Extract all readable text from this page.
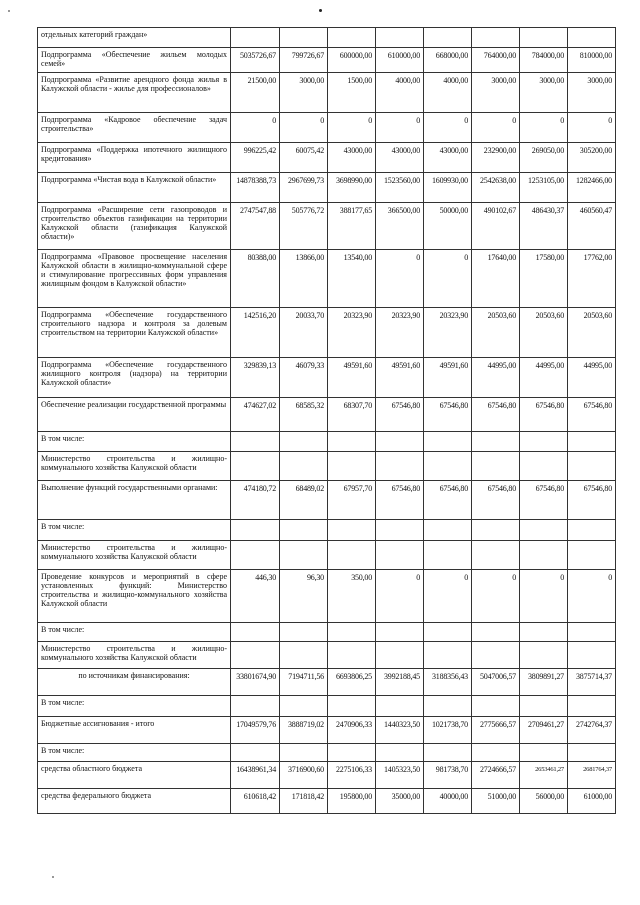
отдельных категорий граждан»								
Подпрограмма «Обеспечение жильем молодых семей»	5035726,67	799726,67	600000,00	610000,00	668000,00	764000,00	784000,00	810000,00
Подпрограмма «Развитие арендного фонда жилья в Калужской области - жилье для профессионалов»	21500,00	3000,00	1500,00	4000,00	4000,00	3000,00	3000,00	3000,00
Подпрограмма «Кадровое обеспечение задач строительства»	0	0	0	0	0	0	0	0
Подпрограмма «Поддержка ипотечного жилищного кредитования»	996225,42	60075,42	43000,00	43000,00	43000,00	232900,00	269050,00	305200,00
Подпрограмма «Чистая вода в Калужской области»	14878388,73	2967699,73	3698990,00	1523560,00	1609930,00	2542638,00	1253105,00	1282466,00
Подпрограмма «Расширение сети газопроводов и строительство объектов газификации на территории Калужской области (газификация Калужской области)»	2747547,88	505776,72	388177,65	366500,00	50000,00	490102,67	486430,37	460560,47
Подпрограмма «Правовое просвещение населения Калужской области в жилищно-коммунальной сфере и стимулирование прогрессивных форм управления жилищным фондом в Калужской области»	80388,00	13866,00	13540,00	0	0	17640,00	17580,00	17762,00
Подпрограмма «Обеспечение государственного строительного надзора и контроля за долевым строительством на территории Калужской области»	142516,20	20033,70	20323,90	20323,90	20323,90	20503,60	20503,60	20503,60
Подпрограмма «Обеспечение государственного жилищного контроля (надзора) на территории Калужской области»	329839,13	46079,33	49591,60	49591,60	49591,60	44995,00	44995,00	44995,00
Обеспечение реализации государственной программы	474627,02	68585,32	68307,70	67546,80	67546,80	67546,80	67546,80	67546,80
В том числе:								
Министерство строительства и жилищно-коммунального хозяйства Калужской области								
Выполнение функций государственными органами:	474180,72	68489,02	67957,70	67546,80	67546,80	67546,80	67546,80	67546,80
В том числе:								
Министерство строительства и жилищно-коммунального хозяйства Калужской области								
Проведение конкурсов и мероприятий в сфере установленных функций: Министерство строительства и жилищно-коммунального хозяйства Калужской области	446,30	96,30	350,00	0	0	0	0	0
В том числе:								
Министерство строительства и жилищно-коммунального хозяйства Калужской области								
по источникам финансирования:	33801674,90	7194711,56	6693806,25	3992188,45	3188356,43	5047006,57	3809891,27	3875714,37
В том числе:								
Бюджетные ассигнования - итого	17049579,76	3888719,02	2470906,33	1440323,50	1021738,70	2775666,57	2709461,27	2742764,37
В том числе:								
средства областного бюджета	16438961,34	3716900,60	2275106,33	1405323,50	981738,70	2724666,57	2653461,27	2681764,37
средства федерального бюджета	610618,42	171818,42	195800,00	35000,00	40000,00	51000,00	56000,00	61000,00
